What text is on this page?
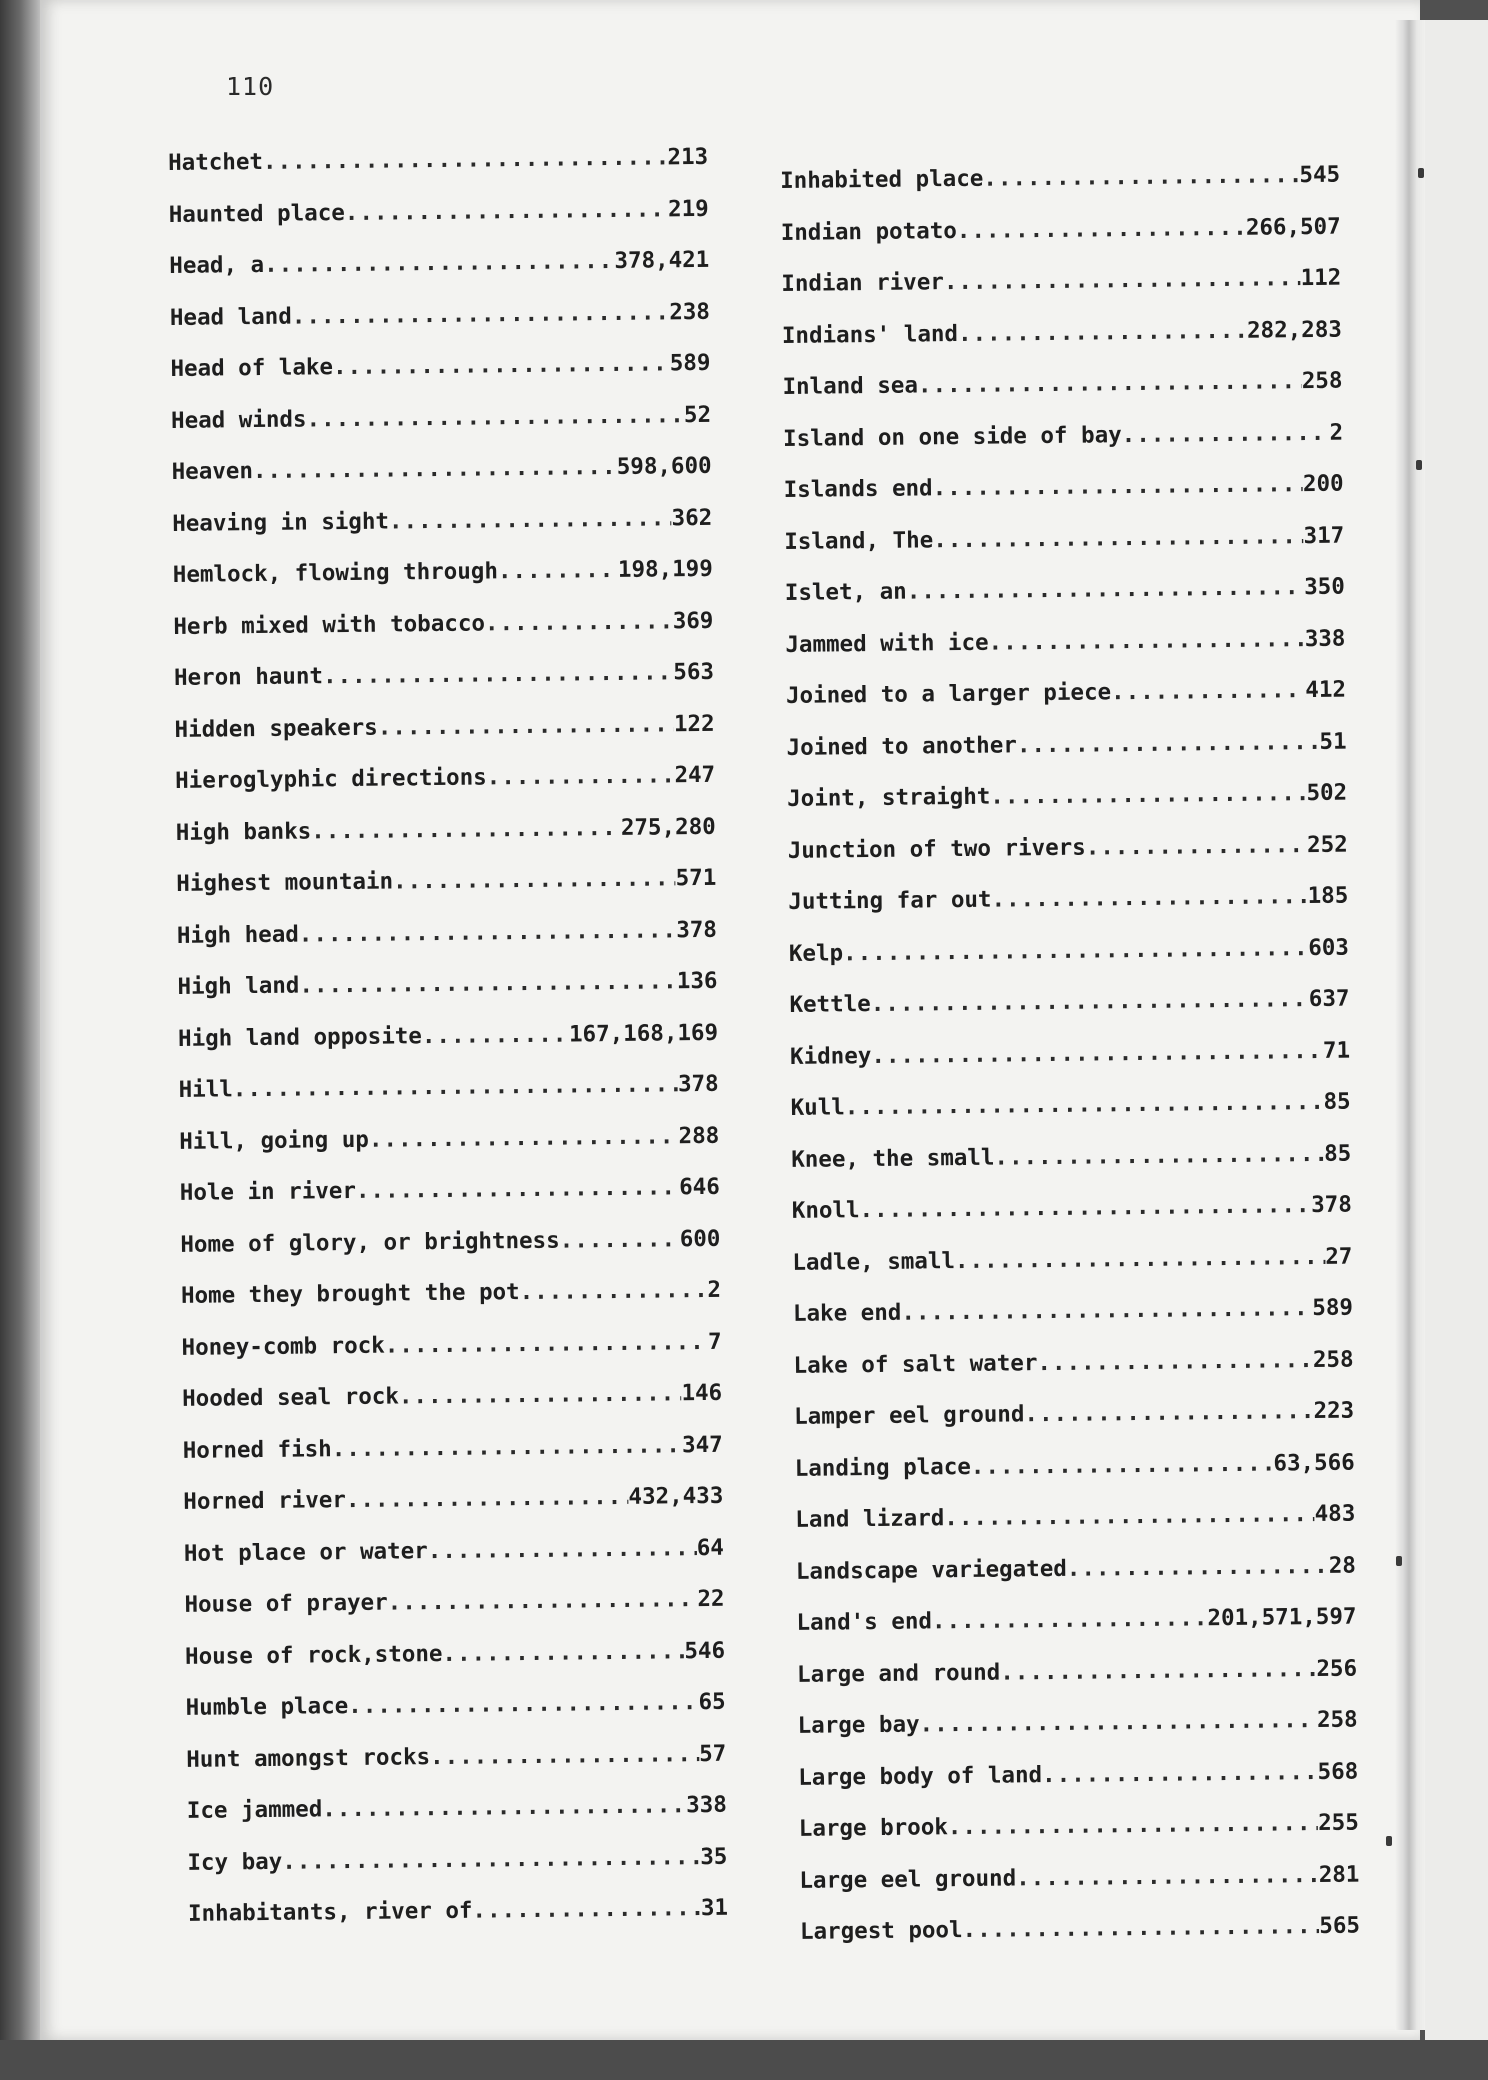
110
Hatchet .....	213
Haunted place .....	219
Head, a .....	378,421
Head land .....	238
Head of lake .....	589
Head winds .....	52
Heaven .....	598,600
Heaving in sight .....	362
Hemlock, flowing through .....	198,199
Herb mixed with tobacco .....	369
Heron haunt .....	563
Hidden speakers .....	122
Hieroglyphic directions .....	247
High banks .....	275,280
Highest mountain .....	571
High head .....	378
High land .....	136
High land opposite .....	167,168,169
Hill .....	378
Hill, going up .....	288
Hole in river .....	646
Home of glory, or brightness .....	600
Home they brought the pot .....	2
Honey-comb rock .....	7
Hooded seal rock .....	146
Horned fish .....	347
Horned river .....	432,433
Hot place or water .....	64
House of prayer .....	22
House of rock,stone .....	546
Humble place .....	65
Hunt amongst rocks .....	57
Ice jammed .....	338
Icy bay .....	35
Inhabitants, river of .....	31
Inhabited place .....	545
Indian potato .....	266,507
Indian river .....	112
Indians' land .....	282,283
Inland sea .....	258
Island on one side of bay .....	2
Islands end .....	200
Island, The .....	317
Islet, an .....	350
Jammed with ice .....	338
Joined to a larger piece .....	412
Joined to another .....	51
Joint, straight .....	502
Junction of two rivers .....	252
Jutting far out .....	185
Kelp .....	603
Kettle .....	637
Kidney .....	71
Kull .....	85
Knee, the small .....	85
Knoll .....	378
Ladle, small .....	27
Lake end .....	589
Lake of salt water .....	258
Lamper eel ground .....	223
Landing place .....	63,566
Land lizard .....	483
Landscape variegated .....	28
Land's end .....	201,571,597
Large and round .....	256
Large bay .....	258
Large body of land .....	568
Large brook .....	255
Large eel ground .....	281
Largest pool .....	565
